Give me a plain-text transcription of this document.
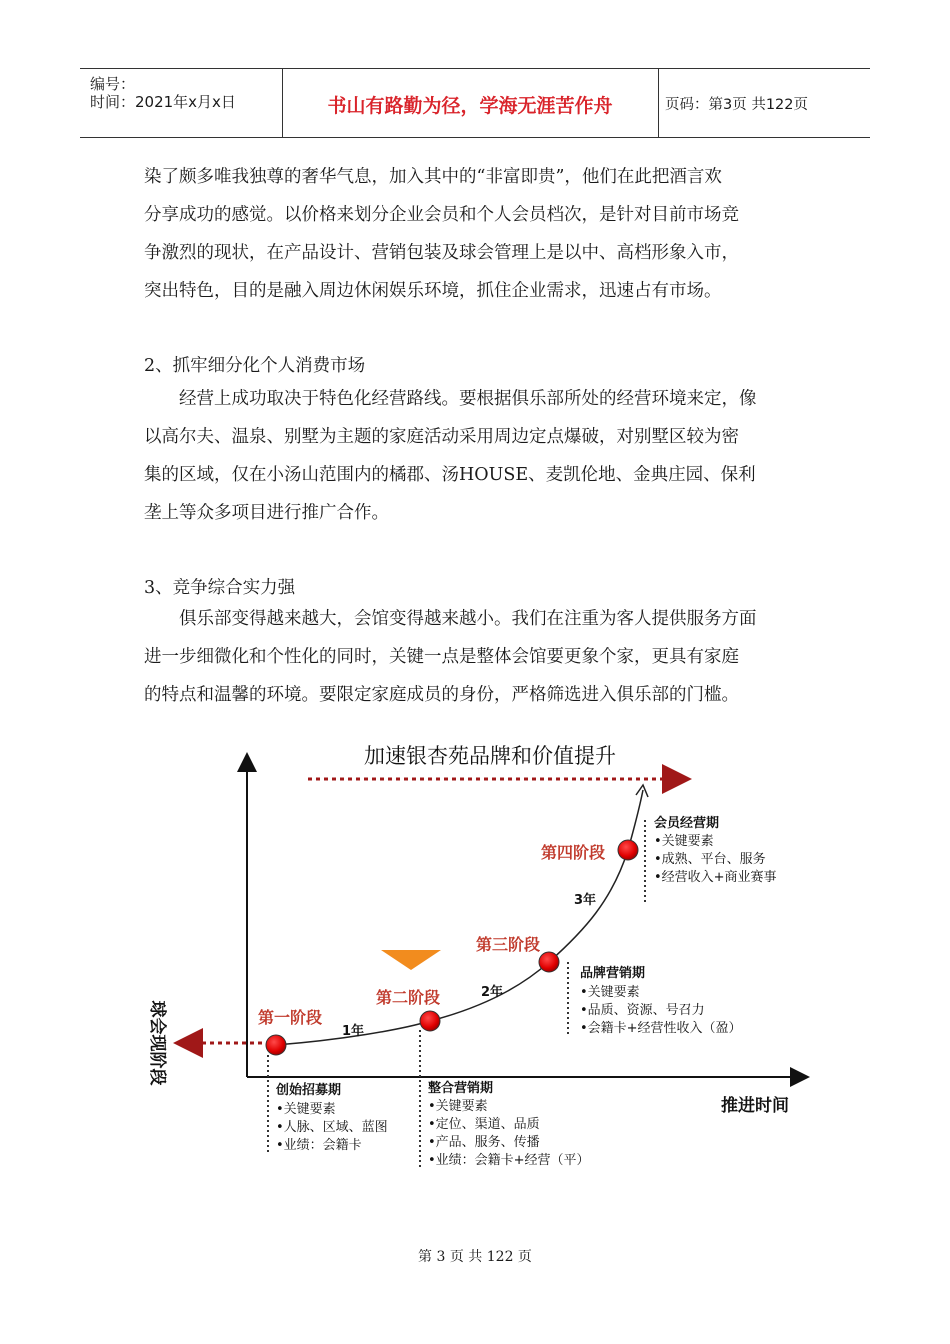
编号：
时间：2021年x月x日	书山有路勤为径，学海无涯苦作舟	页码：第3页 共122页
染了颇多唯我独尊的奢华气息，加入其中的“非富即贵”，他们在此把酒言欢
分享成功的感觉。以价格来划分企业会员和个人会员档次，是针对目前市场竞
争激烈的现状，在产品设计、营销包装及球会管理上是以中、高档形象入市，
突出特色，目的是融入周边休闲娱乐环境，抓住企业需求，迅速占有市场。
2、抓牢细分化个人消费市场
经营上成功取决于特色化经营路线。要根据俱乐部所处的经营环境来定，像
以高尔夫、温泉、别墅为主题的家庭活动采用周边定点爆破，对别墅区较为密
集的区域，仅在小汤山范围内的橘郡、汤HOUSE、麦凯伦地、金典庄园、保利
垄上等众多项目进行推广合作。
3、竞争综合实力强
俱乐部变得越来越大，会馆变得越来越小。我们在注重为客人提供服务方面
进一步细微化和个性化的同时，关键一点是整体会馆要更象个家，更具有家庭
的特点和温馨的环境。要限定家庭成员的身份，严格筛选进入俱乐部的门槛。
加速银杏苑品牌和价值提升
球会现阶段
推进时间
第一阶段
第二阶段
第三阶段
第四阶段
1年
2年
3年
创始招募期
•关键要素
•人脉、区域、蓝图
•业绩：会籍卡
整合营销期
•关键要素
•定位、渠道、品质
•产品、服务、传播
•业绩：会籍卡+经营（平）
品牌营销期
•关键要素
•品质、资源、号召力
•会籍卡+经营性收入（盈）
会员经营期
•关键要素
•成熟、平台、服务
•经营收入+商业赛事
第 3 页 共 122 页
